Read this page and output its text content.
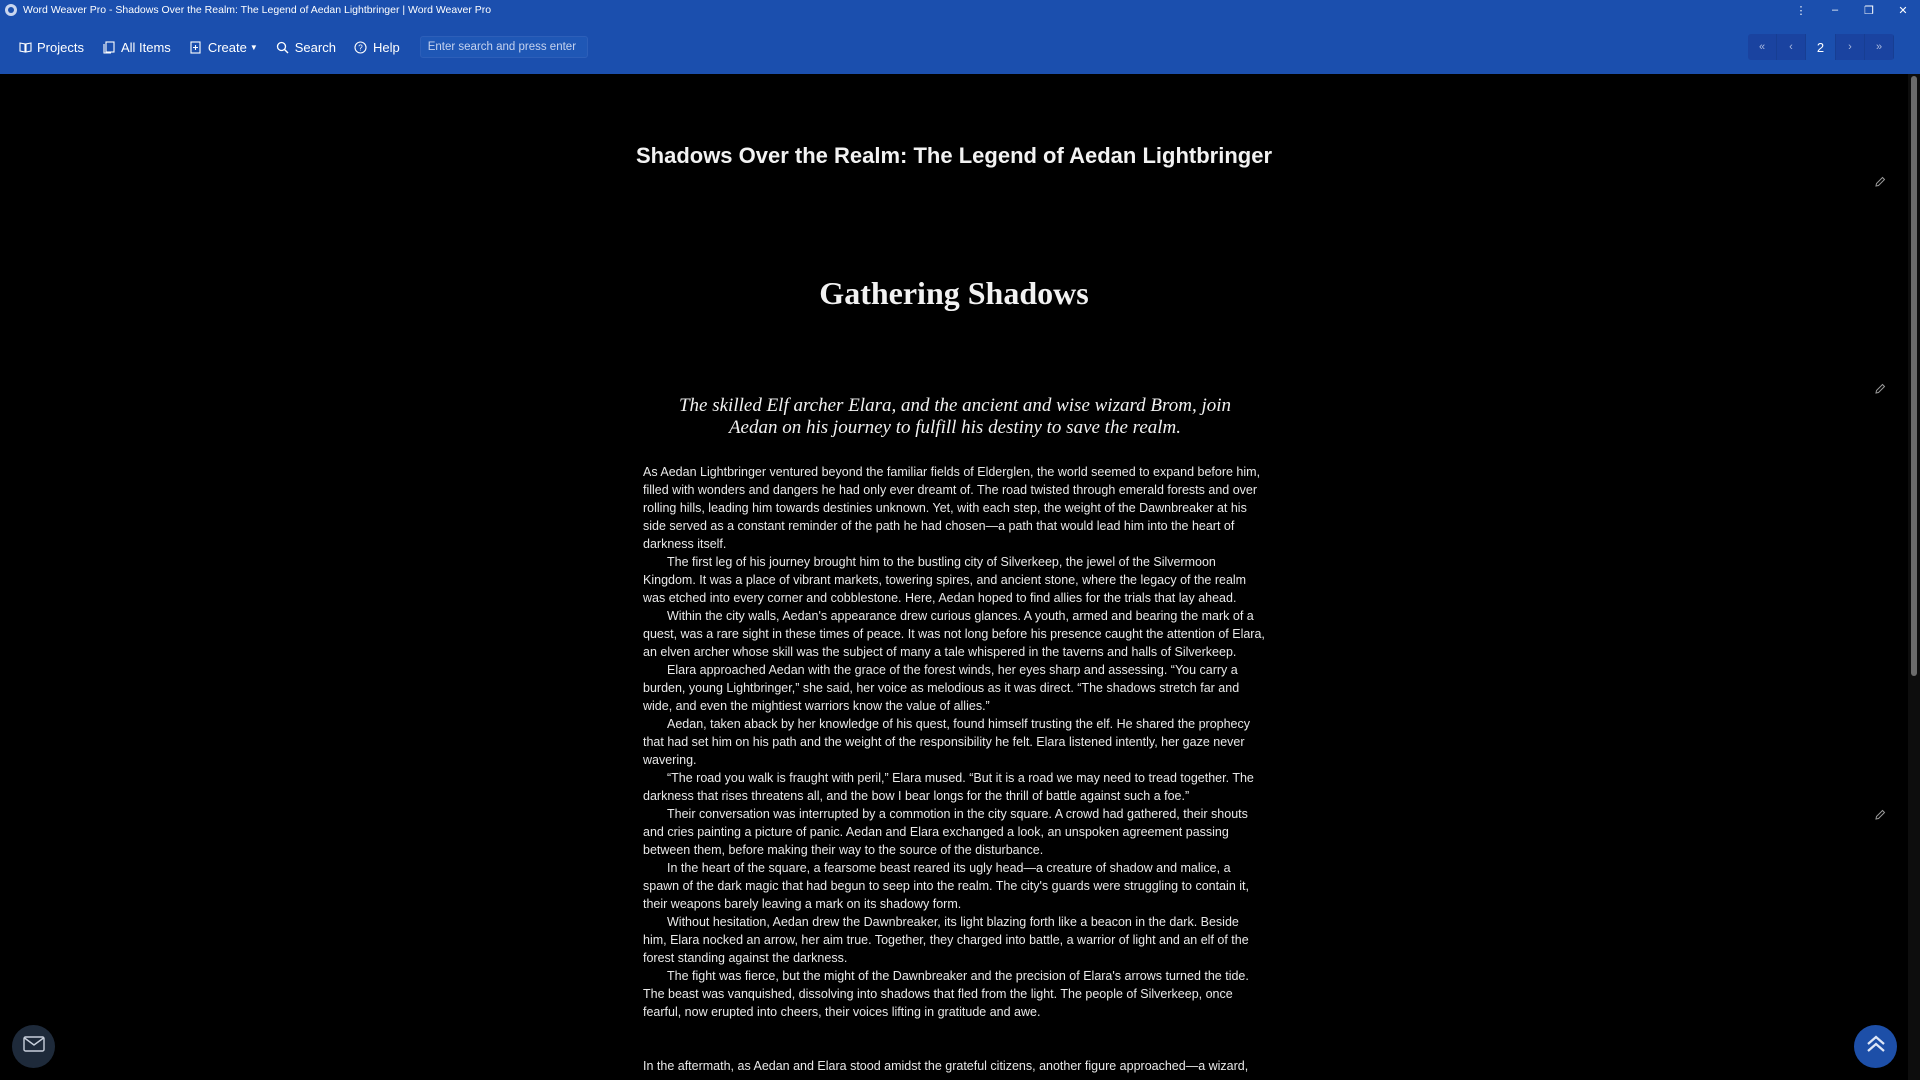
Word Weaver Pro - Shadows Over the Realm: The Legend of Aedan Lightbringer | Word Weaver Pro	⋮	–	❐	✕
Projects	All Items	Create ▼	Search	? Help
Enter search and press enter	«	‹	2	›	»
Shadows Over the Realm: The Legend of Aedan Lightbringer
Gathering Shadows

The skilled Elf archer Elara, and the ancient and wise wizard Brom, join Aedan on his journey to fulfill his destiny to save the realm.

As Aedan Lightbringer ventured beyond the familiar fields of Elderglen, the world seemed to expand before him, filled with wonders and dangers he had only ever dreamt of. The road twisted through emerald forests and over rolling hills, leading him towards destinies unknown. Yet, with each step, the weight of the Dawnbreaker at his side served as a constant reminder of the path he had chosen—a path that would lead him into the heart of darkness itself.

The first leg of his journey brought him to the bustling city of Silverkeep, the jewel of the Silvermoon Kingdom. It was a place of vibrant markets, towering spires, and ancient stone, where the legacy of the realm was etched into every corner and cobblestone. Here, Aedan hoped to find allies for the trials that lay ahead.

Within the city walls, Aedan's appearance drew curious glances. A youth, armed and bearing the mark of a quest, was a rare sight in these times of peace. It was not long before his presence caught the attention of Elara, an elven archer whose skill was the subject of many a tale whispered in the taverns and halls of Silverkeep.

Elara approached Aedan with the grace of the forest winds, her eyes sharp and assessing. “You carry a burden, young Lightbringer,” she said, her voice as melodious as it was direct. “The shadows stretch far and wide, and even the mightiest warriors know the value of allies.”

Aedan, taken aback by her knowledge of his quest, found himself trusting the elf. He shared the prophecy that had set him on his path and the weight of the responsibility he felt. Elara listened intently, her gaze never wavering.

“The road you walk is fraught with peril,” Elara mused. “But it is a road we may need to tread together. The darkness that rises threatens all, and the bow I bear longs for the thrill of battle against such a foe.”

Their conversation was interrupted by a commotion in the city square. A crowd had gathered, their shouts and cries painting a picture of panic. Aedan and Elara exchanged a look, an unspoken agreement passing between them, before making their way to the source of the disturbance.

In the heart of the square, a fearsome beast reared its ugly head—a creature of shadow and malice, a spawn of the dark magic that had begun to seep into the realm. The city's guards were struggling to contain it, their weapons barely leaving a mark on its shadowy form.

Without hesitation, Aedan drew the Dawnbreaker, its light blazing forth like a beacon in the dark. Beside him, Elara nocked an arrow, her aim true. Together, they charged into battle, a warrior of light and an elf of the forest standing against the darkness.

The fight was fierce, but the might of the Dawnbreaker and the precision of Elara's arrows turned the tide. The beast was vanquished, dissolving into shadows that fled from the light. The people of Silverkeep, once fearful, now erupted into cheers, their voices lifting in gratitude and awe.

In the aftermath, as Aedan and Elara stood amidst the grateful citizens, another figure approached—a wizard,
